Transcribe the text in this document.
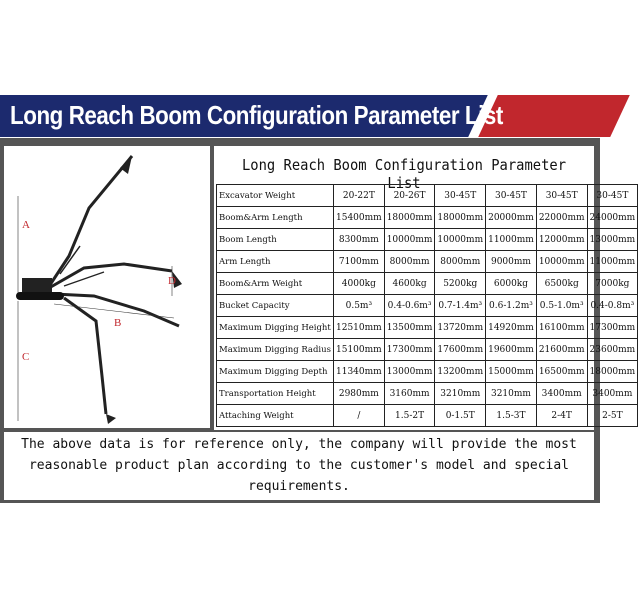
Long Reach Boom Configuration Parameter List
A
B
C
D
Long Reach Boom Configuration Parameter List
Excavator Weight	20-22T	20-26T	30-45T	30-45T	30-45T	30-45T
Boom&Arm Length	15400mm	18000mm	18000mm	20000mm	22000mm	24000mm
Boom Length	8300mm	10000mm	10000mm	11000mm	12000mm	13000mm
Arm Length	7100mm	8000mm	8000mm	9000mm	10000mm	11000mm
Boom&Arm Weight	4000kg	4600kg	5200kg	6000kg	6500kg	7000kg
Bucket Capacity	0.5m³	0.4-0.6m³	0.7-1.4m³	0.6-1.2m³	0.5-1.0m³	0.4-0.8m³
Maximum Digging Height	12510mm	13500mm	13720mm	14920mm	16100mm	17300mm
Maximum Digging Radius	15100mm	17300mm	17600mm	19600mm	21600mm	23600mm
Maximum Digging Depth	11340mm	13000mm	13200mm	15000mm	16500mm	18000mm
Transportation Height	2980mm	3160mm	3210mm	3210mm	3400mm	3400mm
Attaching Weight	/	1.5-2T	0-1.5T	1.5-3T	2-4T	2-5T
The above data is for reference only, the company will provide the most
reasonable product plan according to the customer's model and special
requirements.
